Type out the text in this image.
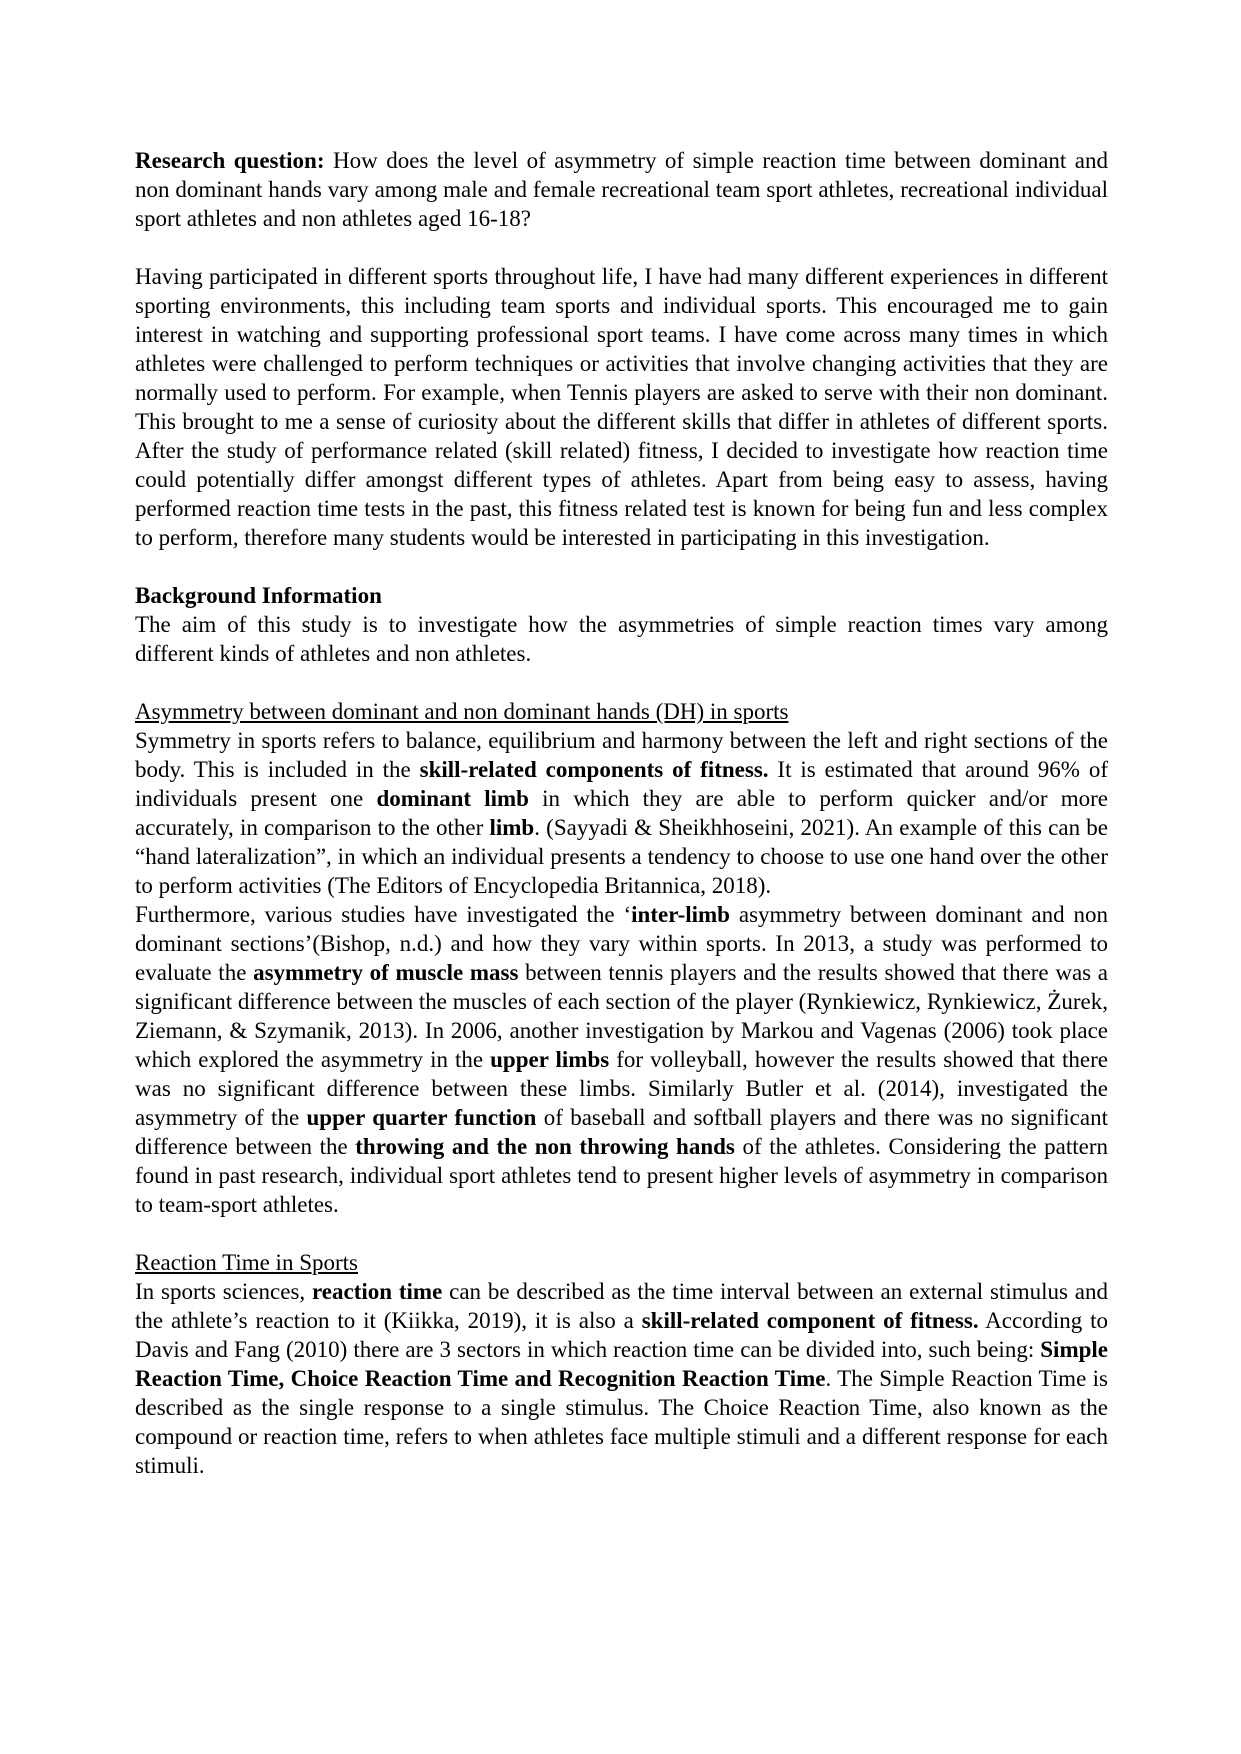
Research question: How does the level of asymmetry of simple reaction time between dominant and non dominant hands vary among male and female recreational team sport athletes, recreational individual sport athletes and non athletes aged 16-18?

Having participated in different sports throughout life, I have had many different experiences in different sporting environments, this including team sports and individual sports. This encouraged me to gain interest in watching and supporting professional sport teams. I have come across many times in which athletes were challenged to perform techniques or activities that involve changing activities that they are normally used to perform. For example, when Tennis players are asked to serve with their non dominant. This brought to me a sense of curiosity about the different skills that differ in athletes of different sports. After the study of performance related (skill related) fitness, I decided to investigate how reaction time could potentially differ amongst different types of athletes. Apart from being easy to assess, having performed reaction time tests in the past, this fitness related test is known for being fun and less complex to perform, therefore many students would be interested in participating in this investigation.

Background Information

The aim of this study is to investigate how the asymmetries of simple reaction times vary among different kinds of athletes and non athletes.

Asymmetry between dominant and non dominant hands (DH) in sports

Symmetry in sports refers to balance, equilibrium and harmony between the left and right sections of the body. This is included in the skill-related components of fitness. It is estimated that around 96% of individuals present one dominant limb in which they are able to perform quicker and/or more accurately, in comparison to the other limb. (Sayyadi & Sheikhhoseini, 2021). An example of this can be “hand lateralization”, in which an individual presents a tendency to choose to use one hand over the other to perform activities (The Editors of Encyclopedia Britannica, 2018).

Furthermore, various studies have investigated the ‘inter-limb asymmetry between dominant and non dominant sections’(Bishop, n.d.) and how they vary within sports. In 2013, a study was performed to evaluate the asymmetry of muscle mass between tennis players and the results showed that there was a significant difference between the muscles of each section of the player (Rynkiewicz, Rynkiewicz, Żurek, Ziemann, & Szymanik, 2013). In 2006, another investigation by Markou and Vagenas (2006) took place which explored the asymmetry in the upper limbs for volleyball, however the results showed that there was no significant difference between these limbs. Similarly Butler et al. (2014), investigated the asymmetry of the upper quarter function of baseball and softball players and there was no significant difference between the throwing and the non throwing hands of the athletes. Considering the pattern found in past research, individual sport athletes tend to present higher levels of asymmetry in comparison to team-sport athletes.

Reaction Time in Sports

In sports sciences, reaction time can be described as the time interval between an external stimulus and the athlete’s reaction to it (Kiikka, 2019), it is also a skill-related component of fitness. According to Davis and Fang (2010) there are 3 sectors in which reaction time can be divided into, such being: Simple Reaction Time, Choice Reaction Time and Recognition Reaction Time. The Simple Reaction Time is described as the single response to a single stimulus. The Choice Reaction Time, also known as the compound or reaction time, refers to when athletes face multiple stimuli and a different response for each stimuli.
